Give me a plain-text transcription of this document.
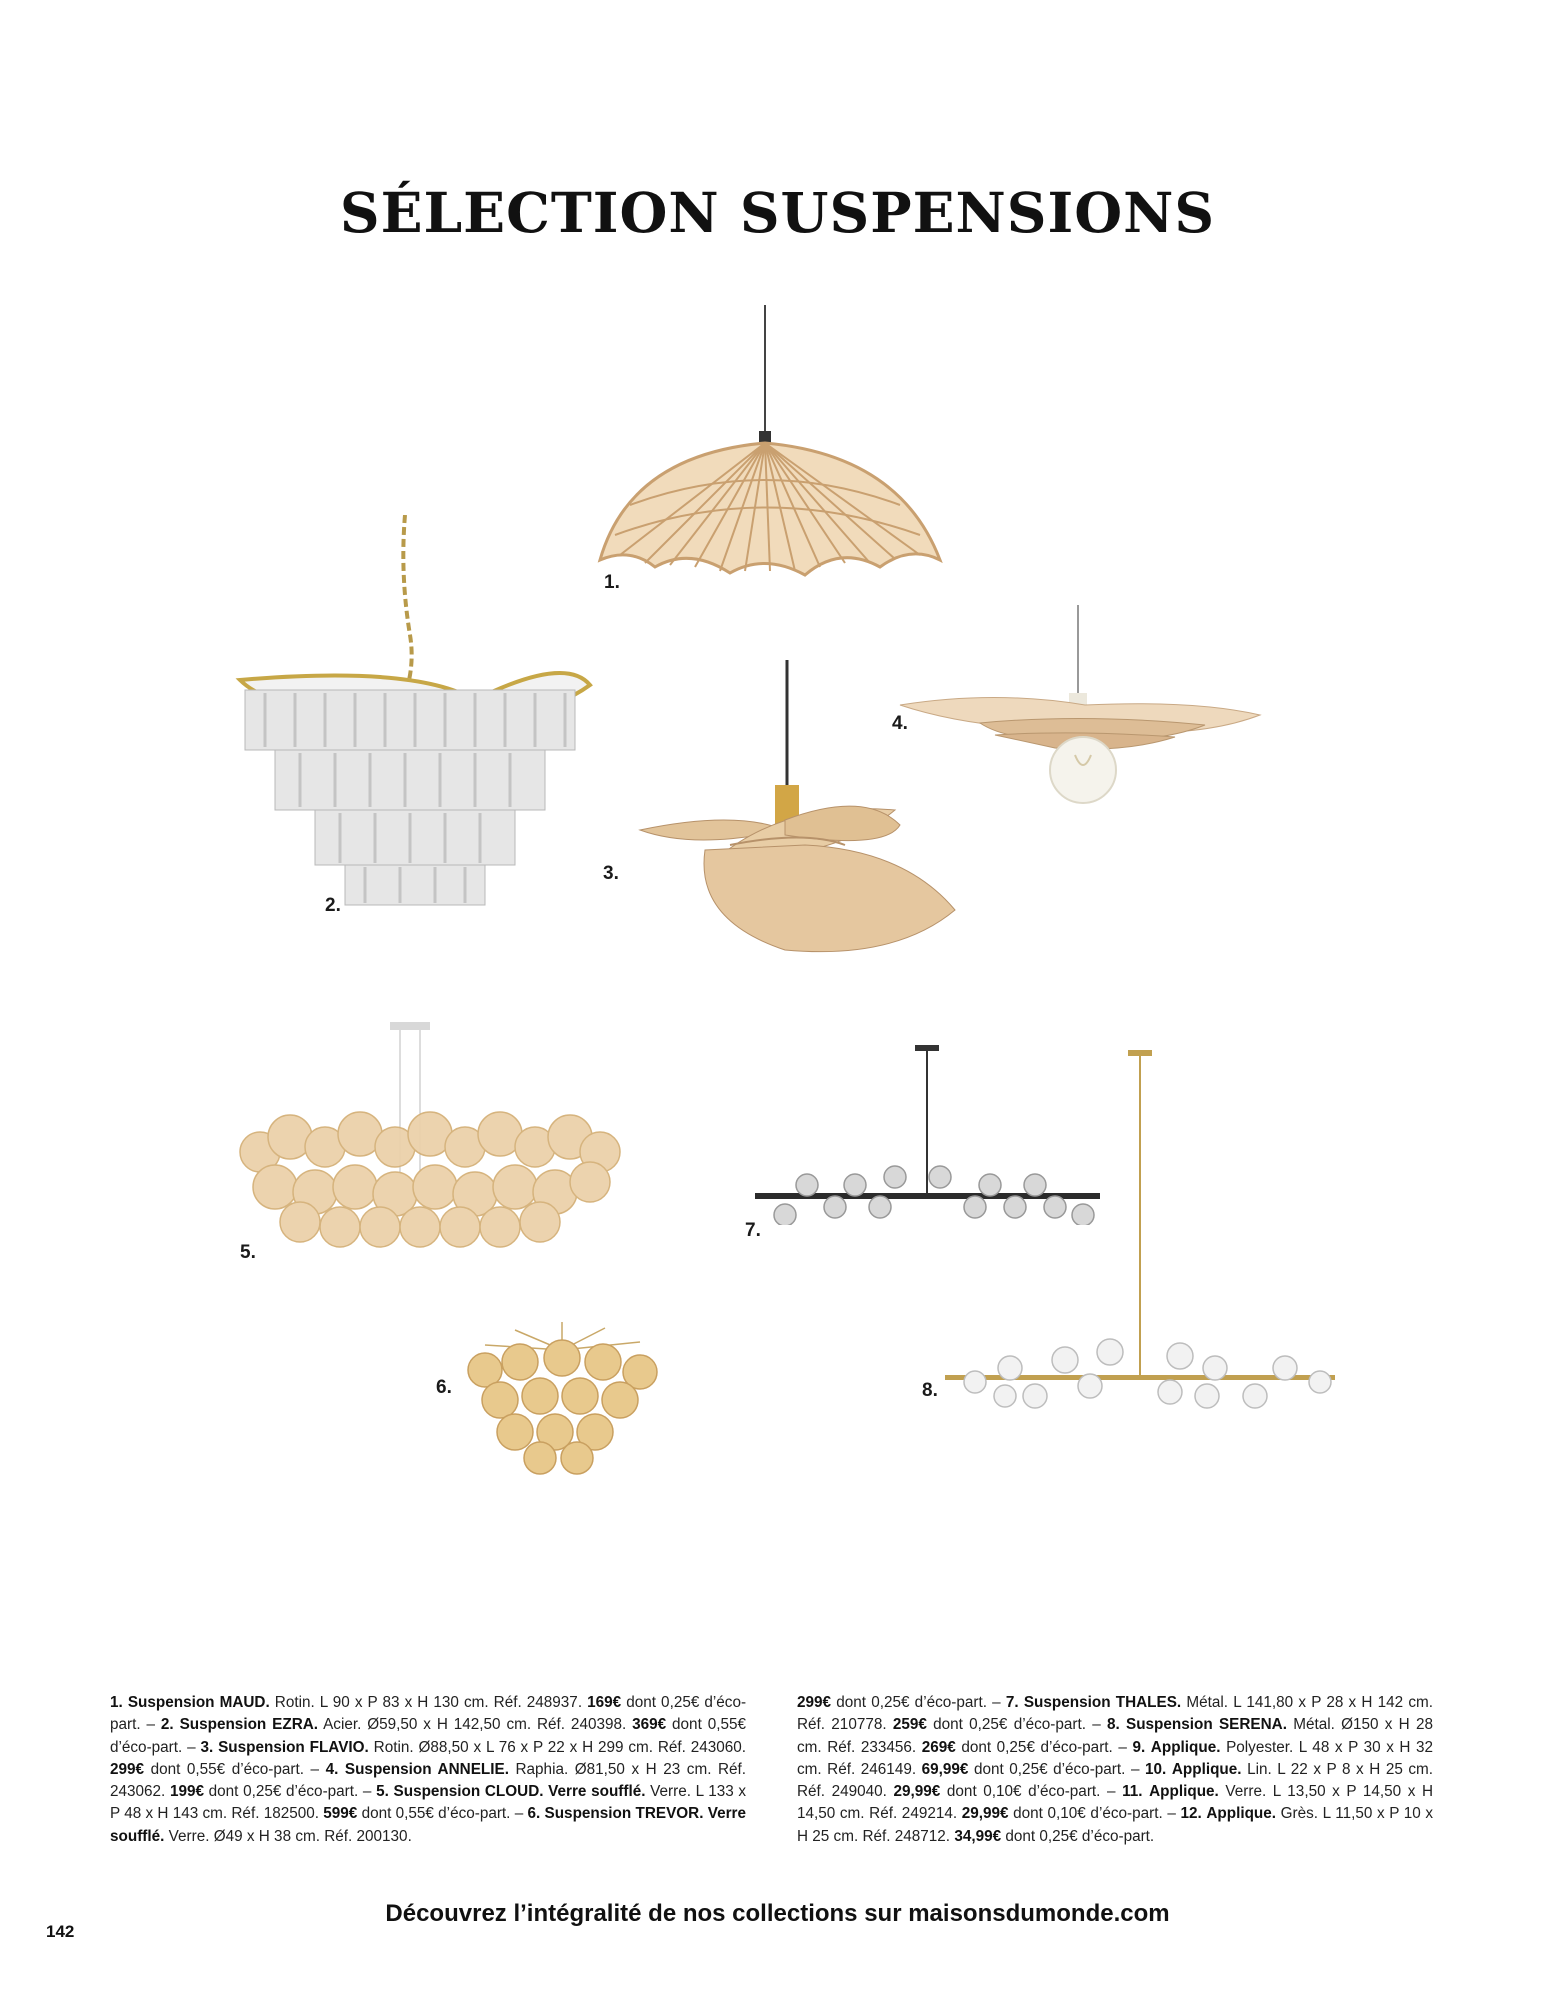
SÉLECTION SUSPENSIONS
1.
2.
3.
4.
5.
6.
7.
8.
1. Suspension MAUD. Rotin. L 90 x P 83 x H 130 cm. Réf. 248937. 169€ dont 0,25€ d’éco-part. – 2. Suspension EZRA. Acier. Ø59,50 x H 142,50 cm. Réf. 240398. 369€ dont 0,55€ d’éco-part. – 3. Suspension FLAVIO. Rotin. Ø88,50 x L 76 x P 22 x H 299 cm. Réf. 243060. 299€ dont 0,55€ d’éco-part. – 4. Suspension ANNELIE. Raphia. Ø81,50 x H 23 cm. Réf. 243062. 199€ dont 0,25€ d’éco-part. – 5. Suspension CLOUD. Verre soufflé. Verre. L 133 x P 48 x H 143 cm. Réf. 182500. 599€ dont 0,55€ d’éco-part. – 6. Suspension TREVOR. Verre soufflé. Verre. Ø49 x H 38 cm. Réf. 200130.
299€ dont 0,25€ d’éco-part. – 7. Suspension THALES. Métal. L 141,80 x P 28 x H 142 cm. Réf. 210778. 259€ dont 0,25€ d’éco-part. – 8. Suspension SERENA. Métal. Ø150 x H 28 cm. Réf. 233456. 269€ dont 0,25€ d’éco-part. – 9. Applique. Polyester. L 48 x P 30 x H 32 cm. Réf. 246149. 69,99€ dont 0,25€ d’éco-part. – 10. Applique. Lin. L 22 x P 8 x H 25 cm. Réf. 249040. 29,99€ dont 0,10€ d’éco-part. – 11. Applique. Verre. L 13,50 x P 14,50 x H 14,50 cm. Réf. 249214. 29,99€ dont 0,10€ d’éco-part. – 12. Applique. Grès. L 11,50 x P 10 x H 25 cm. Réf. 248712. 34,99€ dont 0,25€ d’éco-part.
Découvrez l’intégralité de nos collections sur maisonsdumonde.com
142
